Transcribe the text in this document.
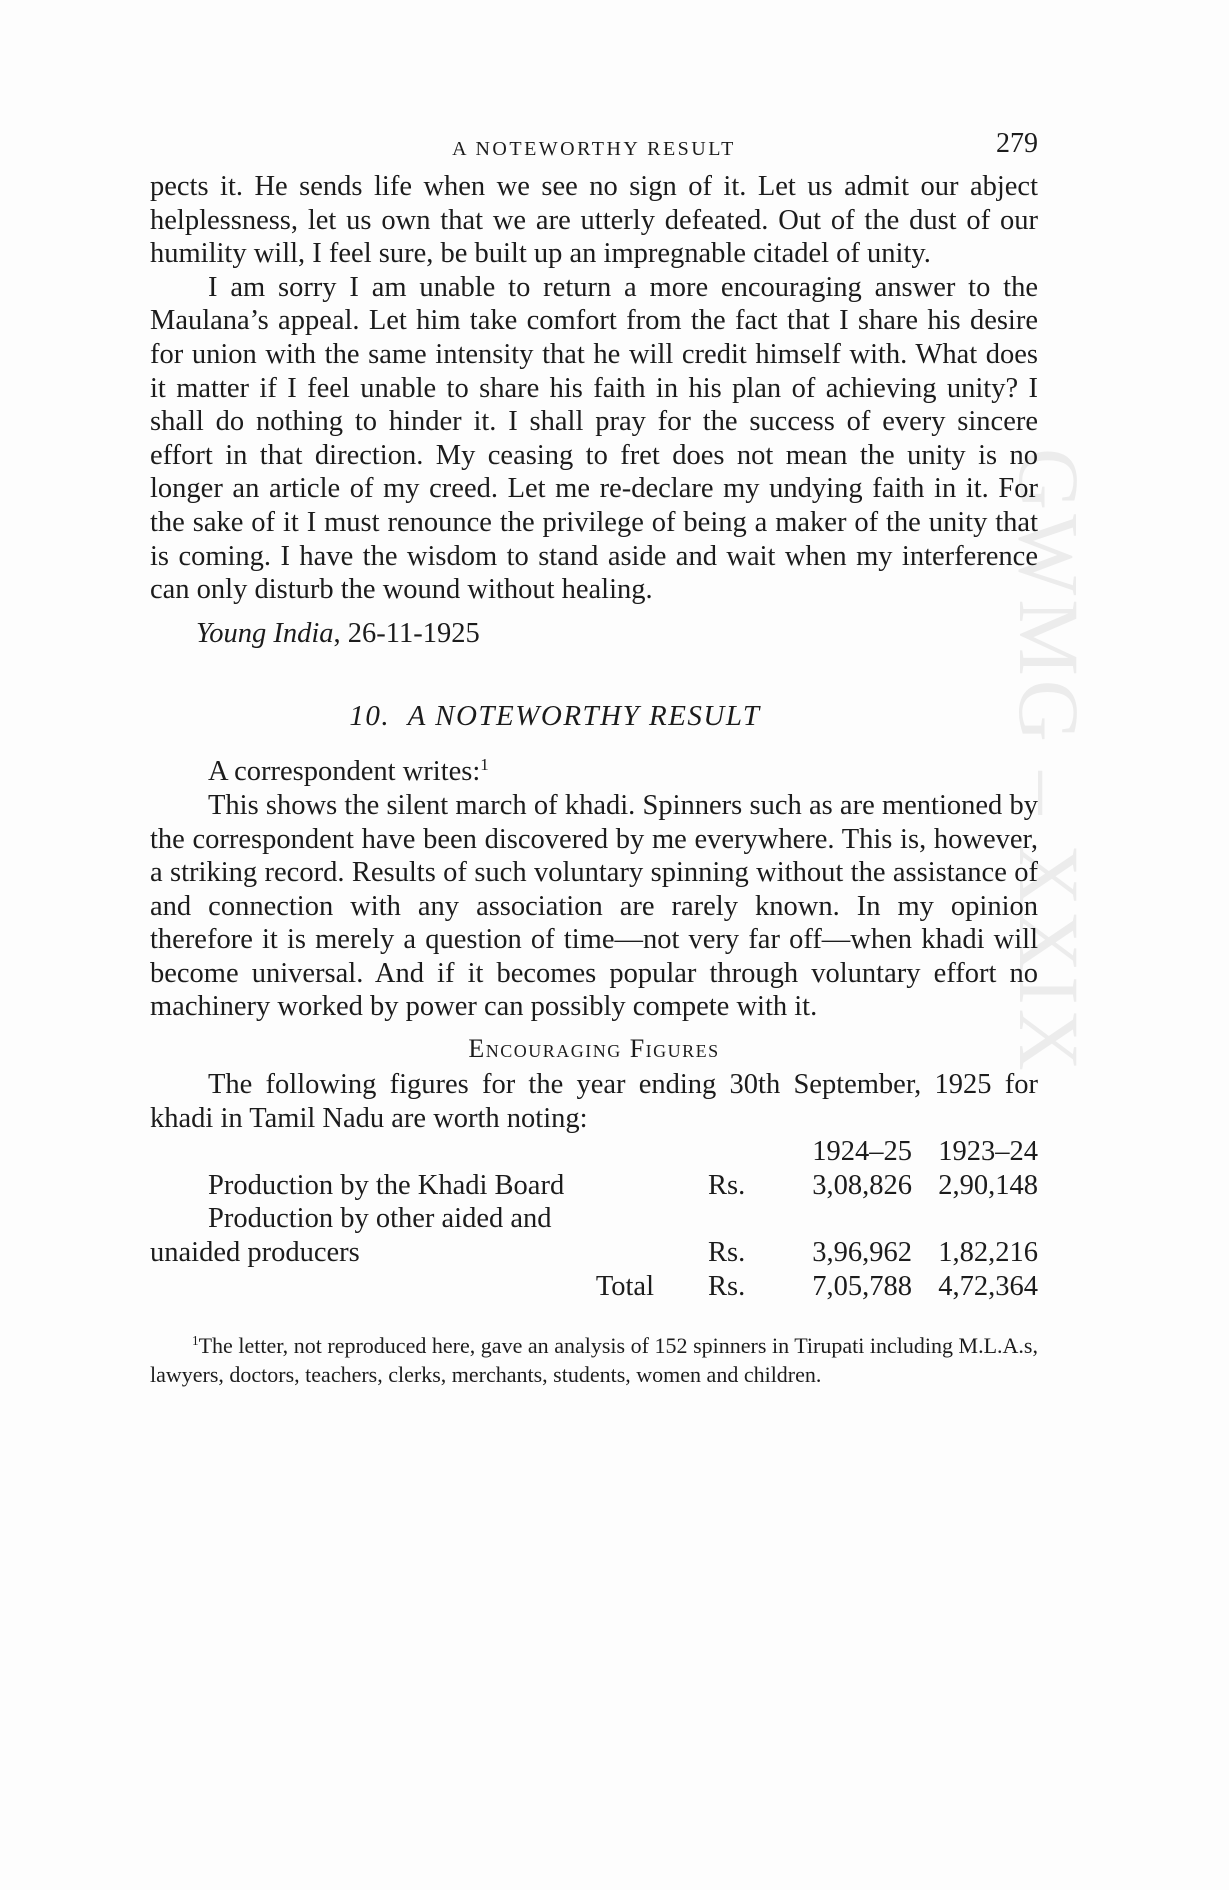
GWMG – XXIX
A NOTEWORTHY RESULT	279

pects it. He sends life when we see no sign of it. Let us admit our abject helplessness, let us own that we are utterly defeated. Out of the dust of our humility will, I feel sure, be built up an impregnable citadel of unity.

I am sorry I am unable to return a more encouraging answer to the Maulana’s appeal. Let him take comfort from the fact that I share his desire for union with the same intensity that he will credit himself with. What does it matter if I feel unable to share his faith in his plan of achieving unity? I shall do nothing to hinder it. I shall pray for the success of every sincere effort in that direction. My ceasing to fret does not mean the unity is no longer an article of my creed. Let me re-declare my undying faith in it. For the sake of it I must renounce the privilege of being a maker of the unity that is coming. I have the wisdom to stand aside and wait when my interference can only disturb the wound without healing.

Young India, 26-11-1925
10. A NOTEWORTHY RESULT

A correspondent writes:$^1$

This shows the silent march of khadi. Spinners such as are mentioned by the correspondent have been discovered by me everywhere. This is, however, a striking record. Results of such voluntary spinning without the assistance of and connection with any association are rarely known. In my opinion therefore it is merely a question of time—not very far off—when khadi will become universal. And if it becomes popular through voluntary effort no machinery worked by power can possibly compete with it.

Encouraging Figures

The following figures for the year ending 30th September, 1925 for khadi in Tamil Nadu are worth noting:

		1924–25	1923–24
Production by the Khadi Board	Rs.	3,08,826	2,90,148
Production by other aided and			
unaided producers	Rs.	3,96,962	1,82,216
Total	Rs.	7,05,788	4,72,364

$^1$The letter, not reproduced here, gave an analysis of 152 spinners in Tirupati including M.L.A.s, lawyers, doctors, teachers, clerks, merchants, students, women and children.
